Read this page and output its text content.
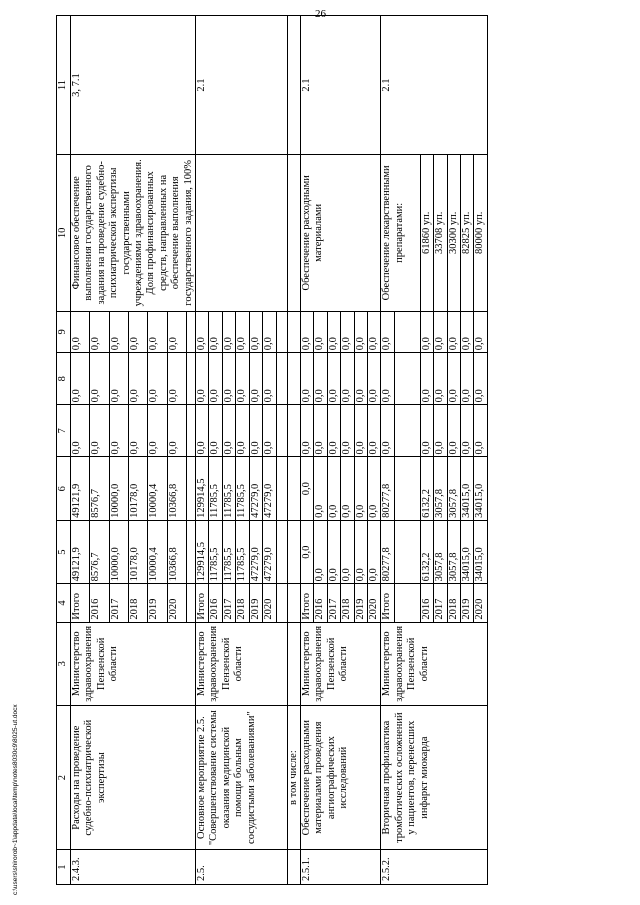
26
1	2	3	4	5	6	7	8	9	10	11
2.4.3.	Расходы на проведение судебно-психиатрической экспертизы	Министерство здравоохранения Пензенской области	Итого	49121,9	49121,9	0,0	0,0	0,0	Финансовое обеспечение выполнения государственного задания на проведение судебно-психиатрической экспертизы государственными учреждениями здравоохранения. Доля профинансированных средств, направленных на обеспечение выполнения государственного задания, 100%	3, 7.1
			2016	8576,7	8576,7	0,0	0,0	0,0		
			2017	10000,0	10000,0	0,0	0,0	0,0		
			2018	10178,0	10178,0	0,0	0,0	0,0		
			2019	10000,4	10000,4	0,0	0,0	0,0		
			2020	10366,8	10366,8	0,0	0,0	0,0		

2.5.	Основное мероприятие 2.5. "Совершенствование системы оказания медицинской помощи больным сосудистыми заболеваниями"	Министерство здравоохранения Пензенской области	Итого	129914,5	129914,5	0,0	0,0	0,0		2.1
			2016	11785,5	11785,5	0,0	0,0	0,0		
			2017	11785,5	11785,5	0,0	0,0	0,0		
			2018	11785,5	11785,5	0,0	0,0	0,0		
			2019	47279,0	47279,0	0,0	0,0	0,0		
			2020	47279,0	47279,0	0,0	0,0	0,0		

	в том числе:									
2.5.1.	Обеспечение расходными материалами проведения ангиографических исследований	Министерство здравоохранения Пензенской области	Итого	0,0	0,0	0,0	0,0	0,0	Обеспечение расходными материалами	2.1
			2016	0,0	0,0	0,0	0,0	0,0		
			2017	0,0	0,0	0,0	0,0	0,0		
			2018	0,0	0,0	0,0	0,0	0,0		
			2019	0,0	0,0	0,0	0,0	0,0		
			2020	0,0	0,0	0,0	0,0	0,0		
2.5.2.	Вторичная профилактика тромботических осложнений у пациентов, перенесших инфаркт миокарда	Министерство здравоохранения Пензенской области	Итого	80277,8	80277,8	0,0	0,0	0,0	Обеспечение лекарственными препаратами:	2.1

			2016	6132,2	6132,2	0,0	0,0	0,0	61860 уп.	
			2017	3057,8	3057,8	0,0	0,0	0,0	33708 уп.	
			2018	3057,8	3057,8	0,0	0,0	0,0	30300 уп.	
			2019	34015,0	34015,0	0,0	0,0	0,0	82825 уп.	
			2020	34015,0	34015,0	0,0	0,0	0,0	80000 уп.	
c:\users\shirorob~1\appdata\local\temp\notes8030c9\8025-ut.docx
